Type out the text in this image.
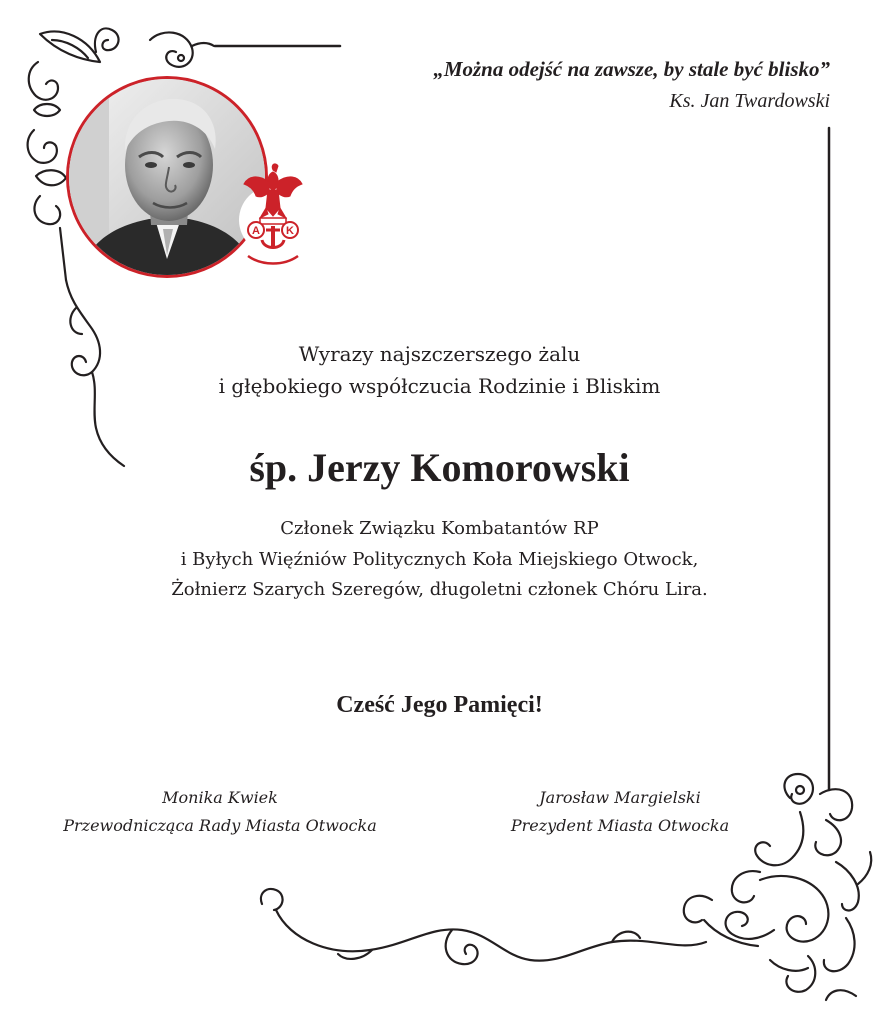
„Można odejść na zawsze, by stale być blisko”
Ks. Jan Twardowski
A K
Wyrazy najszczerszego żalu
i głębokiego współczucia Rodzinie i Bliskim
śp. Jerzy Komorowski
Członek Związku Kombatantów RP
i Byłych Więźniów Politycznych Koła Miejskiego Otwock,
Żołnierz Szarych Szeregów, długoletni członek Chóru Lira.
Cześć Jego Pamięci!
Monika Kwiek
Przewodnicząca Rady Miasta Otwocka
Jarosław Margielski
Prezydent Miasta Otwocka
